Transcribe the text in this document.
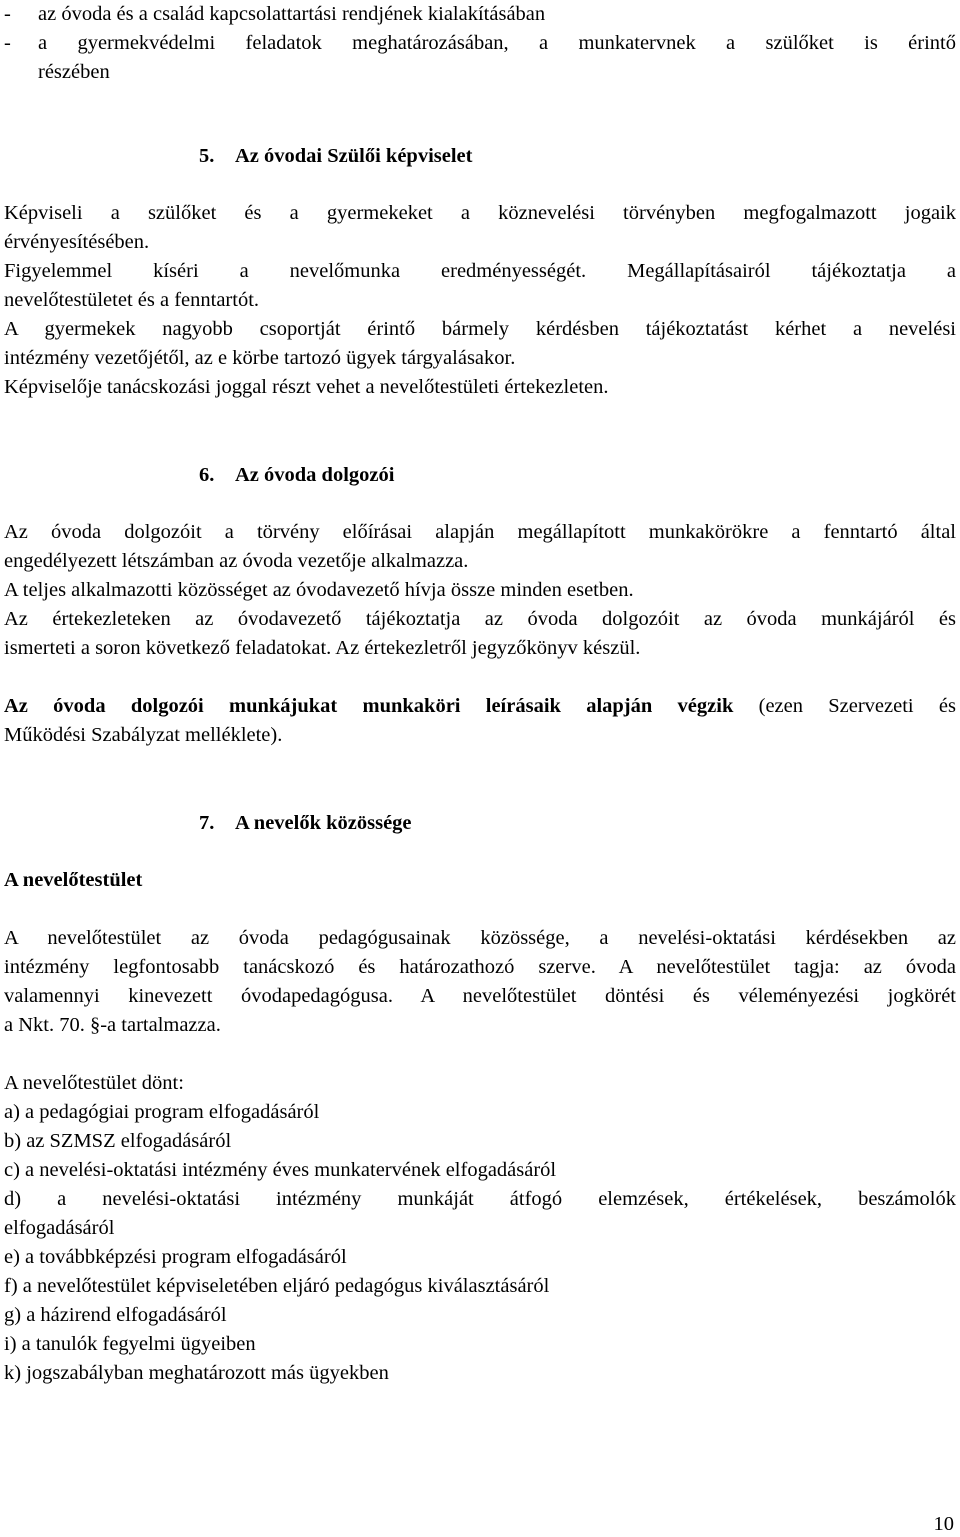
- az óvoda és a család kapcsolattartási rendjének kialakításában
- a gyermekvédelmi feladatok meghatározásában, a munkatervnek a szülőket is érintő
részében
5. Az óvodai Szülői képviselet
Képviseli a szülőket és a gyermekeket a köznevelési törvényben megfogalmazott jogaik
érvényesítésében.
Figyelemmel kíséri a nevelőmunka eredményességét. Megállapításairól tájékoztatja a
nevelőtestületet és a fenntartót.
A gyermekek nagyobb csoportját érintő bármely kérdésben tájékoztatást kérhet a nevelési
intézmény vezetőjétől, az e körbe tartozó ügyek tárgyalásakor.
Képviselője tanácskozási joggal részt vehet a nevelőtestületi értekezleten.
6. Az óvoda dolgozói
Az óvoda dolgozóit a törvény előírásai alapján megállapított munkakörökre a fenntartó által
engedélyezett létszámban az óvoda vezetője alkalmazza.
A teljes alkalmazotti közösséget az óvodavezető hívja össze minden esetben.
Az értekezleteken az óvodavezető tájékoztatja az óvoda dolgozóit az óvoda munkájáról és
ismerteti a soron következő feladatokat. Az értekezletről jegyzőkönyv készül.
Az óvoda dolgozói munkájukat munkaköri leírásaik alapján végzik (ezen Szervezeti és
Működési Szabályzat melléklete).
7. A nevelők közössége
A nevelőtestület
A nevelőtestület az óvoda pedagógusainak közössége, a nevelési-oktatási kérdésekben az
intézmény legfontosabb tanácskozó és határozathozó szerve. A nevelőtestület tagja: az óvoda
valamennyi kinevezett óvodapedagógusa. A nevelőtestület döntési és véleményezési jogkörét
a Nkt. 70. §-a tartalmazza.
A nevelőtestület dönt:
a) a pedagógiai program elfogadásáról
b) az SZMSZ elfogadásáról
c) a nevelési-oktatási intézmény éves munkatervének elfogadásáról
d) a nevelési-oktatási intézmény munkáját átfogó elemzések, értékelések, beszámolók
elfogadásáról
e) a továbbképzési program elfogadásáról
f) a nevelőtestület képviseletében eljáró pedagógus kiválasztásáról
g) a házirend elfogadásáról
i) a tanulók fegyelmi ügyeiben
k) jogszabályban meghatározott más ügyekben
10
